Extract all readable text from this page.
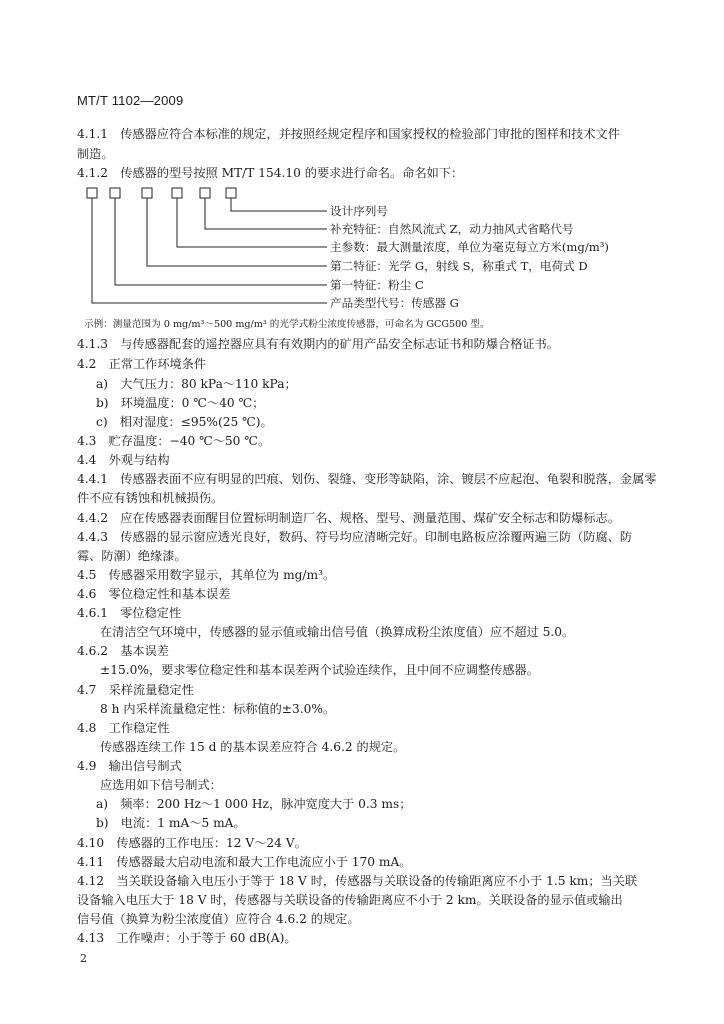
MT/T 1102—2009
4.1.1　传感器应符合本标准的规定，并按照经规定程序和国家授权的检验部门审批的图样和技术文件
制造。
4.1.2　传感器的型号按照 MT/T 154.10 的要求进行命名。命名如下：
设计序列号
补充特征：自然风流式 Z，动力抽风式省略代号
主参数：最大测量浓度，单位为毫克每立方米(mg/m³)
第二特征：光学 G，射线 S，称重式 T，电荷式 D
第一特征：粉尘 C
产品类型代号：传感器 G
示例：测量范围为 0 mg/m³～500 mg/m³ 的光学式粉尘浓度传感器，可命名为 GCG500 型。
4.1.3　与传感器配套的遥控器应具有有效期内的矿用产品安全标志证书和防爆合格证书。
4.2　正常工作环境条件
a)　大气压力：80 kPa～110 kPa；
b)　环境温度：0 ℃～40 ℃；
c)　相对湿度：≤95%(25 ℃)。
4.3　贮存温度：−40 ℃～50 ℃。
4.4　外观与结构
4.4.1　传感器表面不应有明显的凹痕、划伤、裂缝、变形等缺陷，涂、镀层不应起泡、龟裂和脱落，金属零
件不应有锈蚀和机械损伤。
4.4.2　应在传感器表面醒目位置标明制造厂名、规格、型号、测量范围、煤矿安全标志和防爆标志。
4.4.3　传感器的显示窗应透光良好，数码、符号均应清晰完好。印制电路板应涂覆两遍三防（防腐、防
霉、防潮）绝缘漆。
4.5　传感器采用数字显示，其单位为 mg/m³。
4.6　零位稳定性和基本误差
4.6.1　零位稳定性
在清洁空气环境中，传感器的显示值或输出信号值（换算成粉尘浓度值）应不超过 5.0。
4.6.2　基本误差
±15.0%，要求零位稳定性和基本误差两个试验连续作，且中间不应调整传感器。
4.7　采样流量稳定性
8 h 内采样流量稳定性：标称值的±3.0%。
4.8　工作稳定性
传感器连续工作 15 d 的基本误差应符合 4.6.2 的规定。
4.9　输出信号制式
应选用如下信号制式：
a)　频率：200 Hz～1 000 Hz，脉冲宽度大于 0.3 ms；
b)　电流：1 mA～5 mA。
4.10　传感器的工作电压：12 V～24 V。
4.11　传感器最大启动电流和最大工作电流应小于 170 mA。
4.12　当关联设备输入电压小于等于 18 V 时，传感器与关联设备的传输距离应不小于 1.5 km；当关联
设备输入电压大于 18 V 时，传感器与关联设备的传输距离应不小于 2 km。关联设备的显示值或输出
信号值（换算为粉尘浓度值）应符合 4.6.2 的规定。
4.13　工作噪声：小于等于 60 dB(A)。
2
